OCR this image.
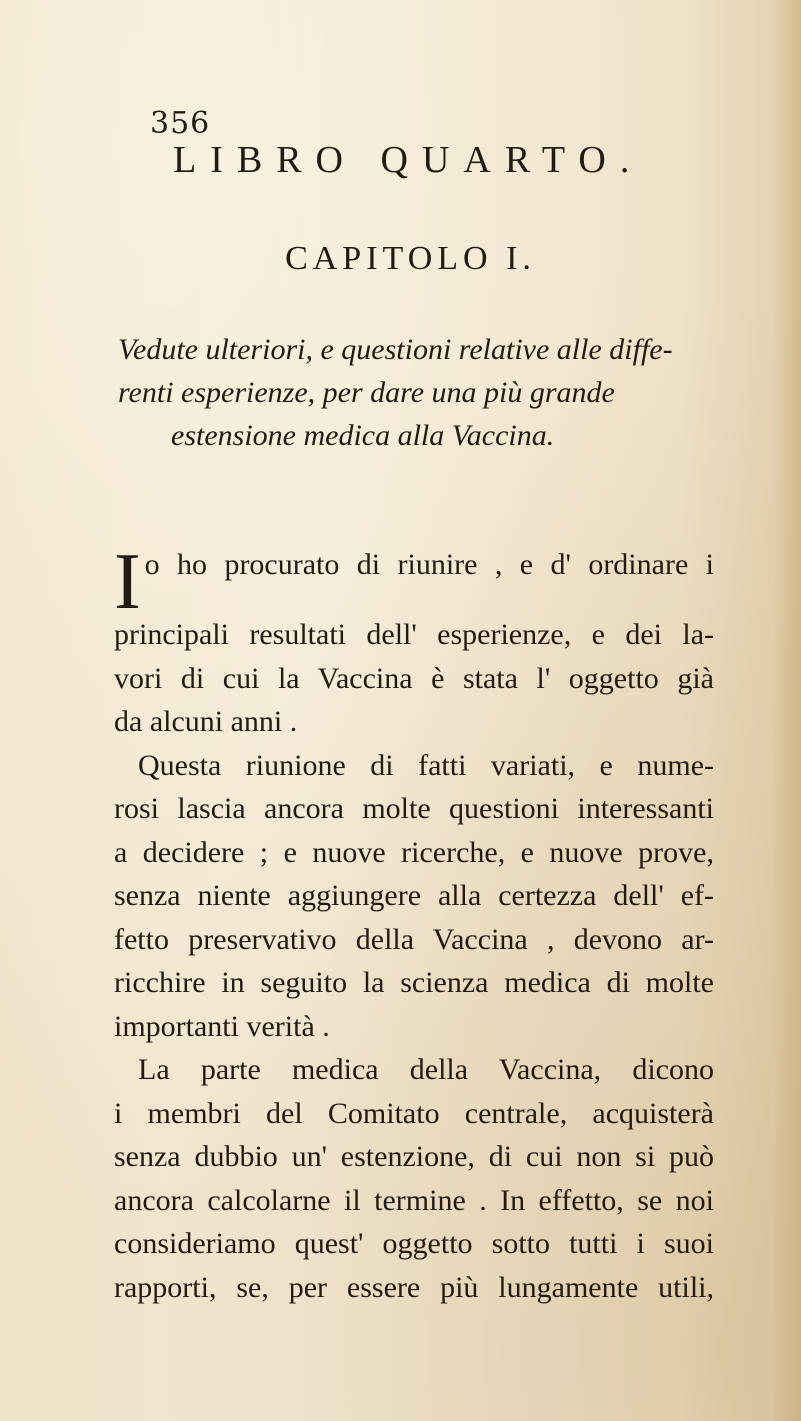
356
LIBRO QUARTO.
CAPITOLO I.
Vedute ulteriori, e questioni relative alle diffe-
renti esperienze, per dare una più grande
estensione medica alla Vaccina.
I o ho procurato di riunire , e d' ordinare i
principali resultati dell' esperienze, e dei la-
vori di cui la Vaccina è stata l' oggetto già
da alcuni anni .
Questa riunione di fatti variati, e nume-
rosi lascia ancora molte questioni interessanti
a decidere ; e nuove ricerche, e nuove prove,
senza niente aggiungere alla certezza dell' ef-
fetto preservativo della Vaccina , devono ar-
ricchire in seguito la scienza medica di molte
importanti verità .
La parte medica della Vaccina, dicono
i membri del Comitato centrale, acquisterà
senza dubbio un' estenzione, di cui non si può
ancora calcolarne il termine . In effetto, se noi
consideriamo quest' oggetto sotto tutti i suoi
rapporti, se, per essere più lungamente utili,
